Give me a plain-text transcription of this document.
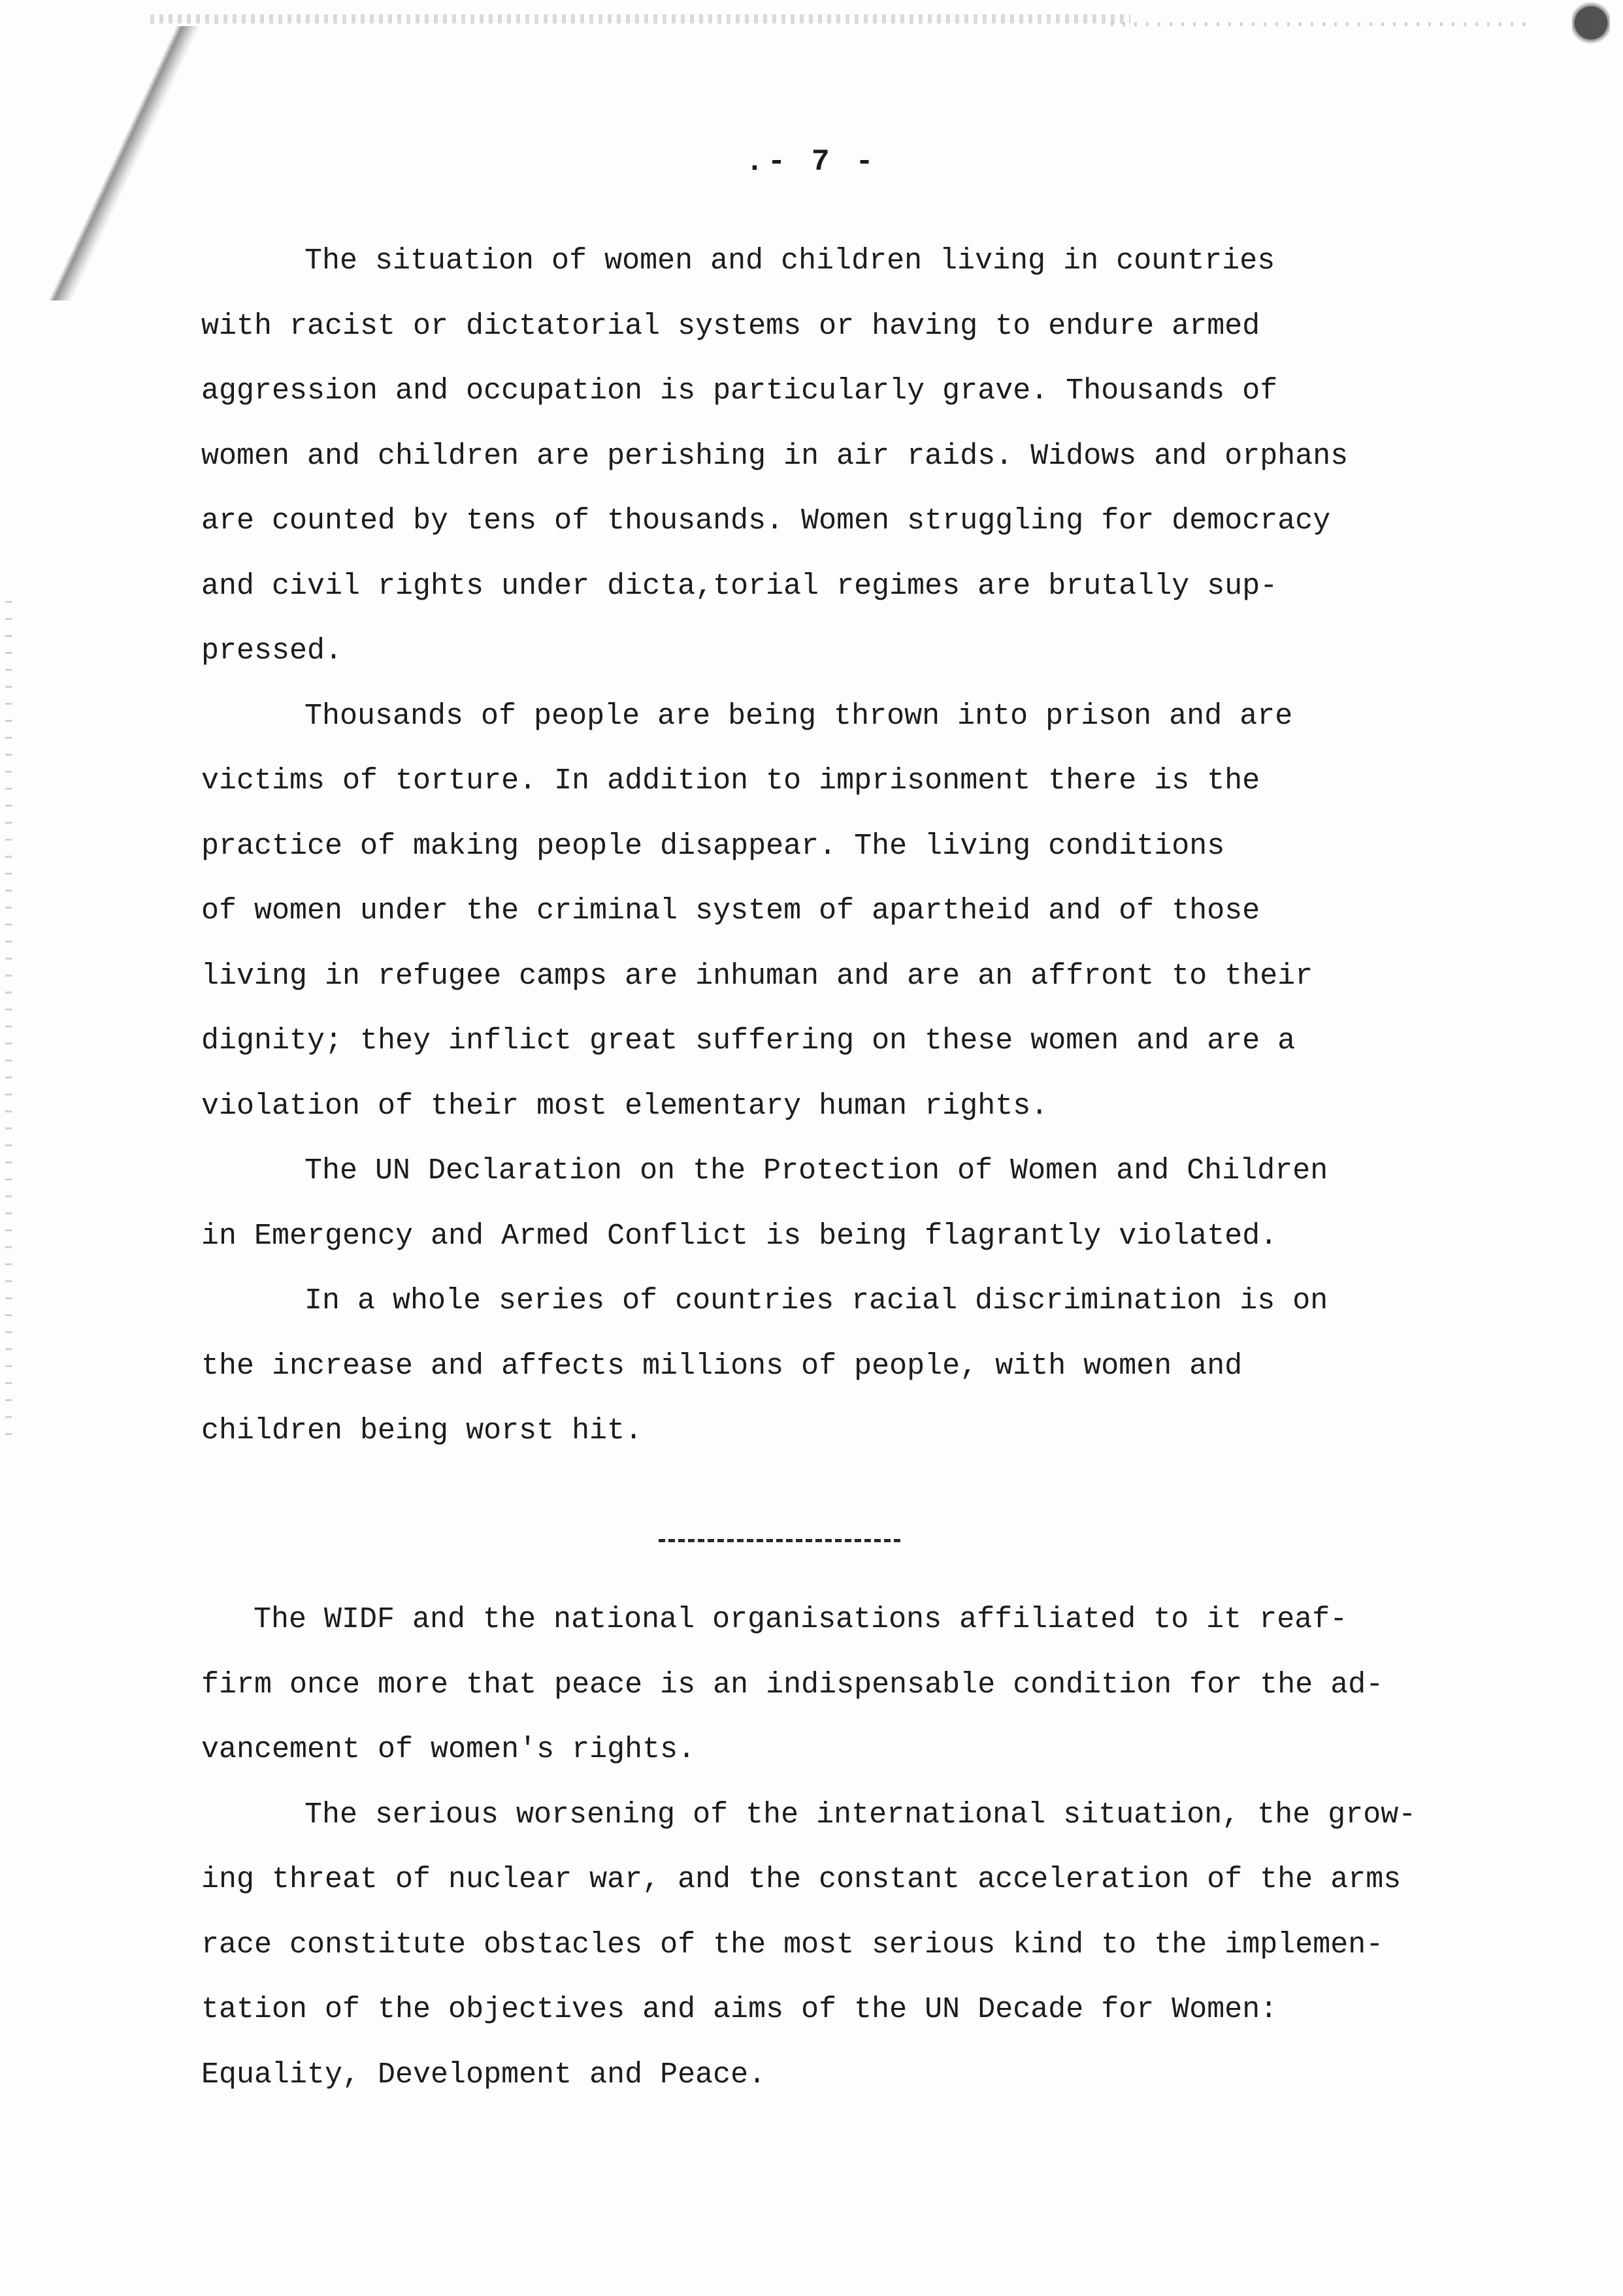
.- 7 -
The situation of women and children living in countries
with racist or dictatorial systems or having to endure armed
aggression and occupation is particularly grave. Thousands of
women and children are perishing in air raids. Widows and orphans
are counted by tens of thousands. Women struggling for democracy
and civil rights under dicta,torial regimes are brutally sup-
pressed.
Thousands of people are being thrown into prison and are
victims of torture. In addition to imprisonment there is the
practice of making people disappear. The living conditions
of women under the criminal system of apartheid and of those
living in refugee camps are inhuman and are an affront to their
dignity; they inflict great suffering on these women and are a
violation of their most elementary human rights.
The UN Declaration on the Protection of Women and Children
in Emergency and Armed Conflict is being flagrantly violated.
In a whole series of countries racial discrimination is on
the increase and affects millions of people, with women and
children being worst hit.
The WIDF and the national organisations affiliated to it reaf-
firm once more that peace is an indispensable condition for the ad-
vancement of women's rights.
The serious worsening of the international situation, the grow-
ing threat of nuclear war, and the constant acceleration of the arms
race constitute obstacles of the most serious kind to the implemen-
tation of the objectives and aims of the UN Decade for Women:
Equality, Development and Peace.
